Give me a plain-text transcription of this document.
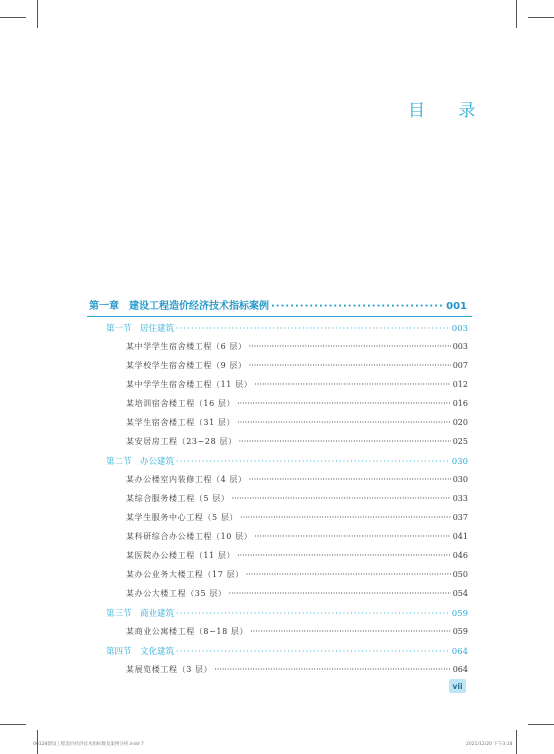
目 录
第一章　建设工程造价经济技术指标案例 ·····	001
第一节　居住建筑 ·····	003
某中学学生宿舍楼工程（6 层） ·····	003
某学校学生宿舍楼工程（9 层） ·····	007
某中学学生宿舍楼工程（11 层） ·····	012
某培训宿舍楼工程（16 层） ·····	016
某学生宿舍楼工程（31 层） ·····	020
某安居房工程（23~28 层） ·····	025
第二节　办公建筑 ·····	030
某办公楼室内装修工程（4 层） ·····	030
某综合服务楼工程（5 层） ·····	033
某学生服务中心工程（5 层） ·····	037
某科研综合办公楼工程（10 层） ·····	041
某医院办公楼工程（11 层） ·····	046
某办公业务大楼工程（17 层） ·····	050
某办公大楼工程（35 层） ·····	054
第三节　商业建筑 ·····	059
某商业公寓楼工程（8~18 层） ·····	059
第四节　文化建筑 ·····	064
某展览楼工程（3 层） ·····	064
vii
06128建设工程造价经济技术指标数及案例分析.indd 7	2021/12/20 下午3:18
